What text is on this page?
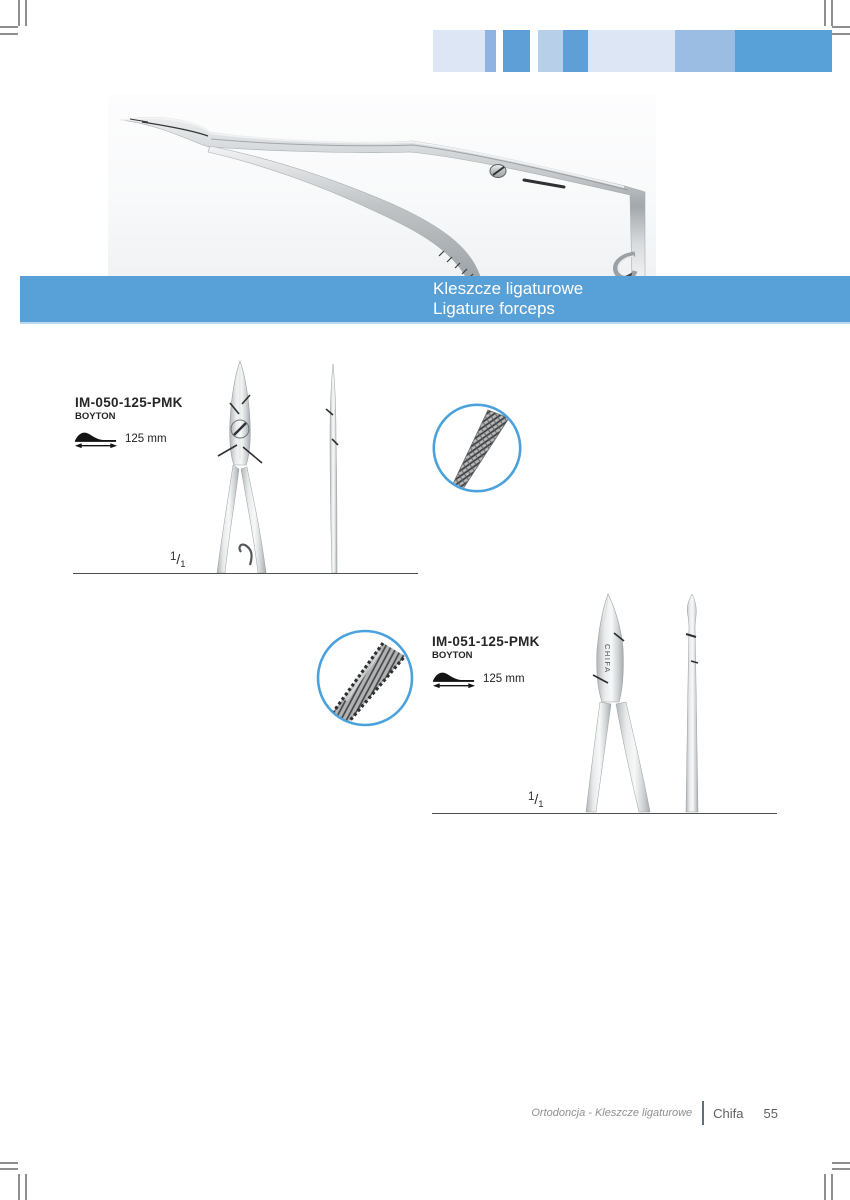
Kleszcze ligaturowe
Ligature forceps
IM-050-125-PMK
BOYTON
125 mm
$^1$/1
IM-051-125-PMK
BOYTON
125 mm
CHIFA
$^1$/1
Ortodoncja - Kleszcze ligaturowe Chifa 55
